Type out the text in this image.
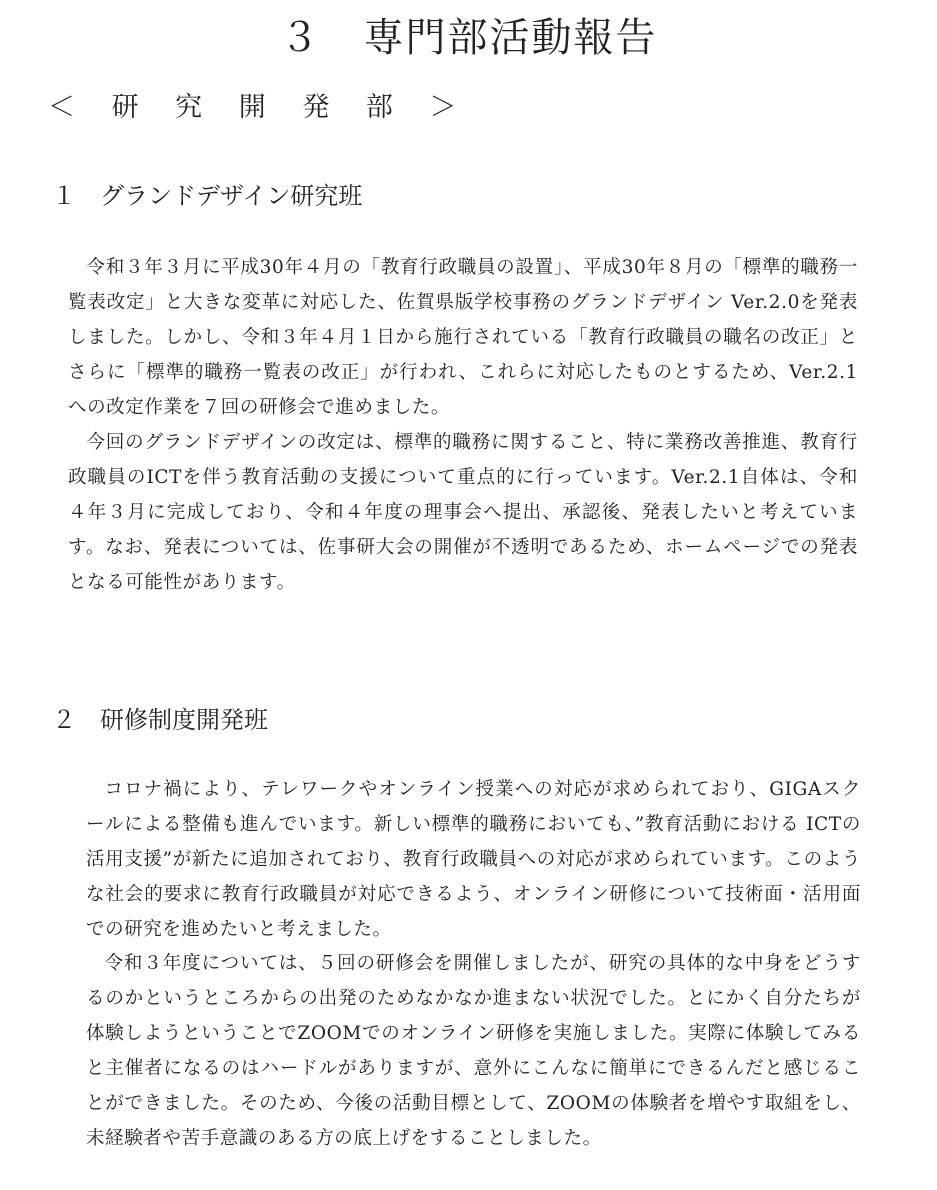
３　専門部活動報告
＜ 研 究 開 発 部 ＞
１ グランドデザイン研究班

令和３年３月に平成30年４月の「教育行政職員の設置」、平成30年８月の「標準的職務一覧表改定」と大きな変革に対応した、佐賀県版学校事務のグランドデザイン Ver.2.0を発表しました。しかし、令和３年４月１日から施行されている「教育行政職員の職名の改正」とさらに「標準的職務一覧表の改正」が行われ、これらに対応したものとするため、Ver.2.1への改定作業を７回の研修会で進めました。

今回のグランドデザインの改定は、標準的職務に関すること、特に業務改善推進、教育行政職員のICTを伴う教育活動の支援について重点的に行っています。Ver.2.1自体は、令和４年３月に完成しており、令和４年度の理事会へ提出、承認後、発表したいと考えています。なお、発表については、佐事研大会の開催が不透明であるため、ホームページでの発表となる可能性があります。

２ 研修制度開発班

コロナ禍により、テレワークやオンライン授業への対応が求められており、GIGAスクールによる整備も進んでいます。新しい標準的職務においても、”教育活動における ICTの活用支援”が新たに追加されており、教育行政職員への対応が求められています。このような社会的要求に教育行政職員が対応できるよう、オンライン研修について技術面・活用面での研究を進めたいと考えました。

令和３年度については、５回の研修会を開催しましたが、研究の具体的な中身をどうするのかというところからの出発のためなかなか進まない状況でした。とにかく自分たちが体験しようということでZOOMでのオンライン研修を実施しました。実際に体験してみると主催者になるのはハードルがありますが、意外にこんなに簡単にできるんだと感じることができました。そのため、今後の活動目標として、ZOOMの体験者を増やす取組をし、未経験者や苦手意識のある方の底上げをすることしました。
